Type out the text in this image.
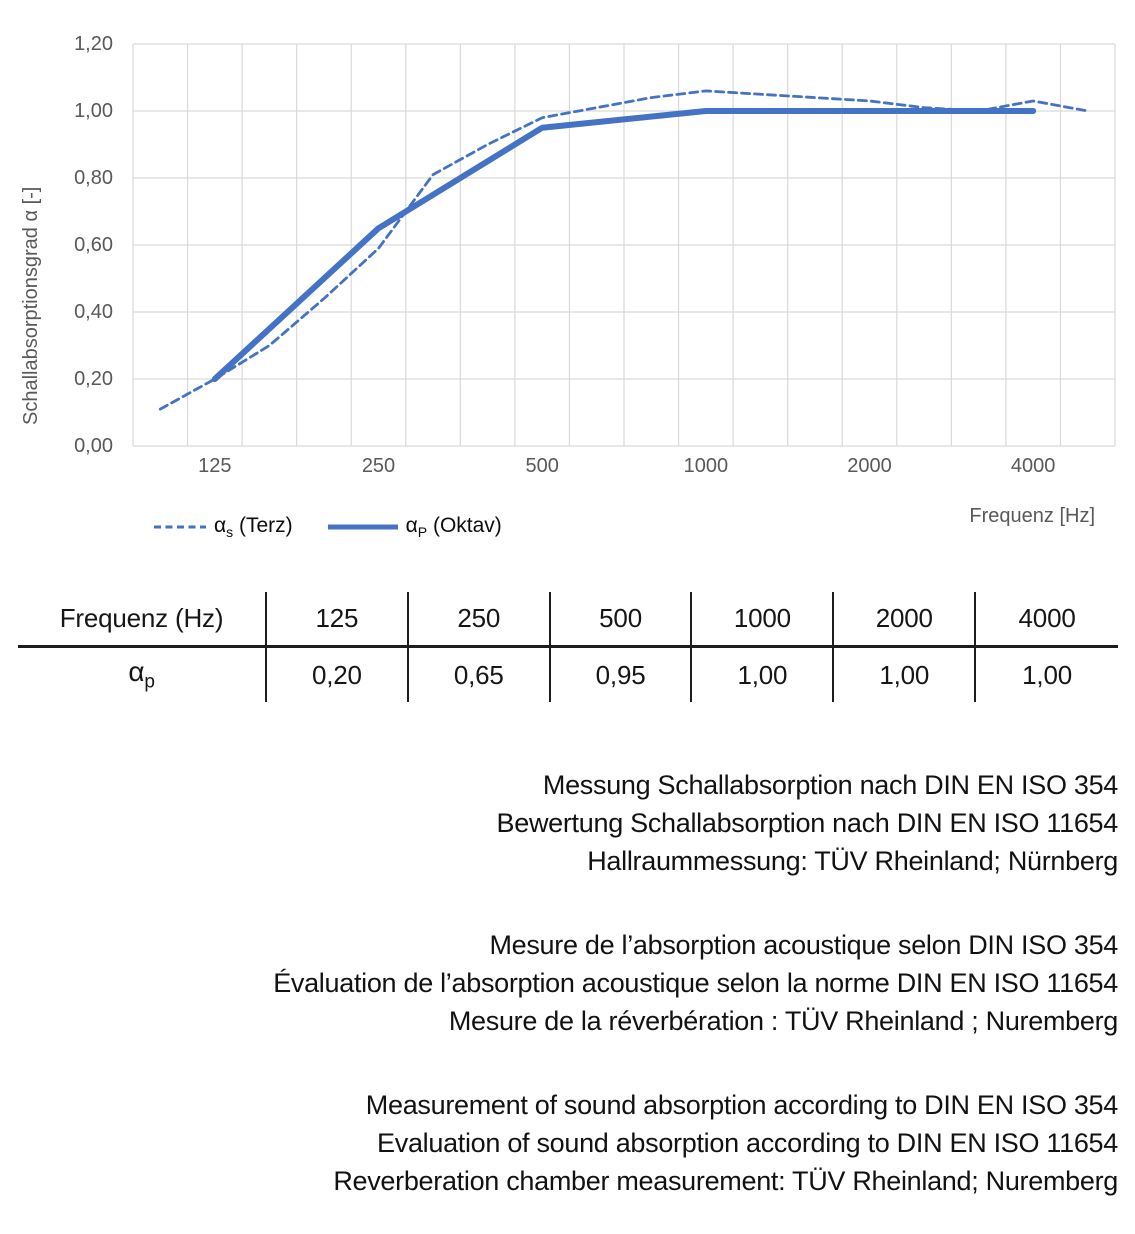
Schallabsorptionsgrad α [-]
1,20
1,00
0,80
0,60
0,40
0,20
0,00
125	250	500	1000	2000	4000
Frequenz [Hz]
$\alpha_s$ (Terz)	$\alpha_P$ (Oktav)
Frequenz (Hz)	125	250	500	1000	2000	4000
$\alpha_p$	0,20	0,65	0,95	1,00	1,00	1,00
Messung Schallabsorption nach DIN EN ISO 354
Bewertung Schallabsorption nach DIN EN ISO 11654
Hallraummessung: TÜV Rheinland; Nürnberg
Mesure de l’absorption acoustique selon DIN ISO 354
Évaluation de l’absorption acoustique selon la norme DIN EN ISO 11654
Mesure de la réverbération : TÜV Rheinland ; Nuremberg
Measurement of sound absorption according to DIN EN ISO 354
Evaluation of sound absorption according to DIN EN ISO 11654
Reverberation chamber measurement: TÜV Rheinland; Nuremberg
